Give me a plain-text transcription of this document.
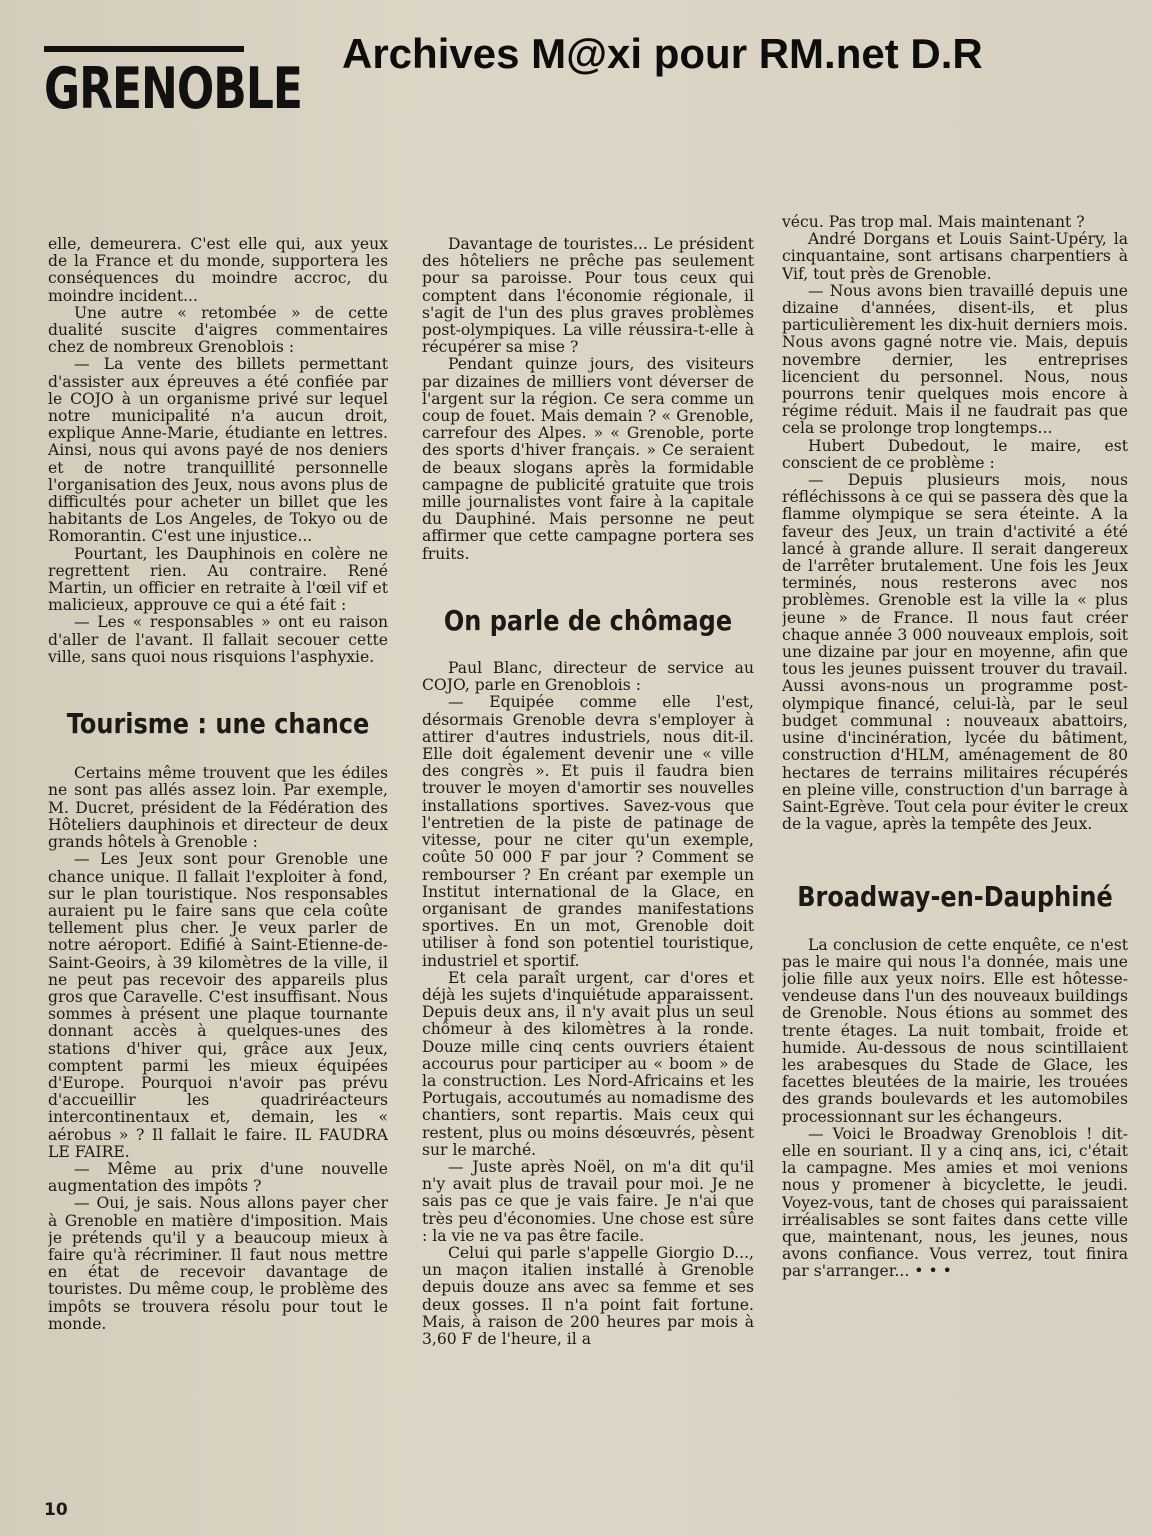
GRENOBLE
Archives M@xi pour RM.net D.R

elle, demeurera. C'est elle qui, aux yeux de la France et du monde, supportera les conséquences du moindre accroc, du moindre incident...

Une autre « retombée » de cette dualité suscite d'aigres commentaires chez de nombreux Grenoblois :

— La vente des billets permettant d'assister aux épreuves a été confiée par le COJO à un organisme privé sur lequel notre municipalité n'a aucun droit, explique Anne-Marie, étudiante en lettres. Ainsi, nous qui avons payé de nos deniers et de notre tranquillité personnelle l'organisation des Jeux, nous avons plus de difficultés pour acheter un billet que les habitants de Los Angeles, de Tokyo ou de Romorantin. C'est une injustice...

Pourtant, les Dauphinois en colère ne regrettent rien. Au contraire. René Martin, un officier en retraite à l'œil vif et malicieux, approuve ce qui a été fait :

— Les « responsables » ont eu raison d'aller de l'avant. Il fallait secouer cette ville, sans quoi nous risquions l'asphyxie.

Tourisme : une chance

Certains même trouvent que les édiles ne sont pas allés assez loin. Par exemple, M. Ducret, président de la Fédération des Hôteliers dauphinois et directeur de deux grands hôtels à Grenoble :

— Les Jeux sont pour Grenoble une chance unique. Il fallait l'exploiter à fond, sur le plan touristique. Nos responsables auraient pu le faire sans que cela coûte tellement plus cher. Je veux parler de notre aéroport. Edifié à Saint-Etienne-de-Saint-Geoirs, à 39 kilomètres de la ville, il ne peut pas recevoir des appareils plus gros que Caravelle. C'est insuffisant. Nous sommes à présent une plaque tournante donnant accès à quelques-unes des stations d'hiver qui, grâce aux Jeux, comptent parmi les mieux équipées d'Europe. Pourquoi n'avoir pas prévu d'accueillir les quadriréacteurs intercontinentaux et, demain, les « aérobus » ? Il fallait le faire. IL FAUDRA LE FAIRE.

— Même au prix d'une nouvelle augmentation des impôts ?

— Oui, je sais. Nous allons payer cher à Grenoble en matière d'imposition. Mais je prétends qu'il y a beaucoup mieux à faire qu'à récriminer. Il faut nous mettre en état de recevoir davantage de touristes. Du même coup, le problème des impôts se trouvera résolu pour tout le monde.

Davantage de touristes... Le président des hôteliers ne prêche pas seulement pour sa paroisse. Pour tous ceux qui comptent dans l'économie régionale, il s'agit de l'un des plus graves problèmes post-olympiques. La ville réussira-t-elle à récupérer sa mise ?

Pendant quinze jours, des visiteurs par dizaines de milliers vont déverser de l'argent sur la région. Ce sera comme un coup de fouet. Mais demain ? « Grenoble, carrefour des Alpes. » « Grenoble, porte des sports d'hiver français. » Ce seraient de beaux slogans après la formidable campagne de publicité gratuite que trois mille journalistes vont faire à la capitale du Dauphiné. Mais personne ne peut affirmer que cette campagne portera ses fruits.

On parle de chômage

Paul Blanc, directeur de service au COJO, parle en Grenoblois :

— Equipée comme elle l'est, désormais Grenoble devra s'employer à attirer d'autres industriels, nous dit-il. Elle doit également devenir une « ville des congrès ». Et puis il faudra bien trouver le moyen d'amortir ses nouvelles installations sportives. Savez-vous que l'entretien de la piste de patinage de vitesse, pour ne citer qu'un exemple, coûte 50 000 F par jour ? Comment se rembourser ? En créant par exemple un Institut international de la Glace, en organisant de grandes manifestations sportives. En un mot, Grenoble doit utiliser à fond son potentiel touristique, industriel et sportif.

Et cela paraît urgent, car d'ores et déjà les sujets d'inquiétude apparaissent. Depuis deux ans, il n'y avait plus un seul chômeur à des kilomètres à la ronde. Douze mille cinq cents ouvriers étaient accourus pour participer au « boom » de la construction. Les Nord-Africains et les Portugais, accoutumés au nomadisme des chantiers, sont repartis. Mais ceux qui restent, plus ou moins désœuvrés, pèsent sur le marché.

— Juste après Noël, on m'a dit qu'il n'y avait plus de travail pour moi. Je ne sais pas ce que je vais faire. Je n'ai que très peu d'économies. Une chose est sûre : la vie ne va pas être facile.

Celui qui parle s'appelle Giorgio D..., un maçon italien installé à Grenoble depuis douze ans avec sa femme et ses deux gosses. Il n'a point fait fortune. Mais, à raison de 200 heures par mois à 3,60 F de l'heure, il a

vécu. Pas trop mal. Mais maintenant ?

André Dorgans et Louis Saint-Upéry, la cinquantaine, sont artisans charpentiers à Vif, tout près de Grenoble.

— Nous avons bien travaillé depuis une dizaine d'années, disent-ils, et plus particulièrement les dix-huit derniers mois. Nous avons gagné notre vie. Mais, depuis novembre dernier, les entreprises licencient du personnel. Nous, nous pourrons tenir quelques mois encore à régime réduit. Mais il ne faudrait pas que cela se prolonge trop longtemps...

Hubert Dubedout, le maire, est conscient de ce problème :

— Depuis plusieurs mois, nous réfléchissons à ce qui se passera dès que la flamme olympique se sera éteinte. A la faveur des Jeux, un train d'activité a été lancé à grande allure. Il serait dangereux de l'arrêter brutalement. Une fois les Jeux terminés, nous resterons avec nos problèmes. Grenoble est la ville la « plus jeune » de France. Il nous faut créer chaque année 3 000 nouveaux emplois, soit une dizaine par jour en moyenne, afin que tous les jeunes puissent trouver du travail. Aussi avons-nous un programme post-olympique financé, celui-là, par le seul budget communal : nouveaux abattoirs, usine d'incinération, lycée du bâtiment, construction d'HLM, aménagement de 80 hectares de terrains militaires récupérés en pleine ville, construction d'un barrage à Saint-Egrève. Tout cela pour éviter le creux de la vague, après la tempête des Jeux.

Broadway-en-Dauphiné

La conclusion de cette enquête, ce n'est pas le maire qui nous l'a donnée, mais une jolie fille aux yeux noirs. Elle est hôtesse-vendeuse dans l'un des nouveaux buildings de Grenoble. Nous étions au sommet des trente étages. La nuit tombait, froide et humide. Au-dessous de nous scintillaient les arabesques du Stade de Glace, les facettes bleutées de la mairie, les trouées des grands boulevards et les automobiles processionnant sur les échangeurs.

— Voici le Broadway Grenoblois ! dit-elle en souriant. Il y a cinq ans, ici, c'était la campagne. Mes amies et moi venions nous y promener à bicyclette, le jeudi. Voyez-vous, tant de choses qui paraissaient irréalisables se sont faites dans cette ville que, maintenant, nous, les jeunes, nous avons confiance. Vous verrez, tout finira par s'arranger... • • •

10
